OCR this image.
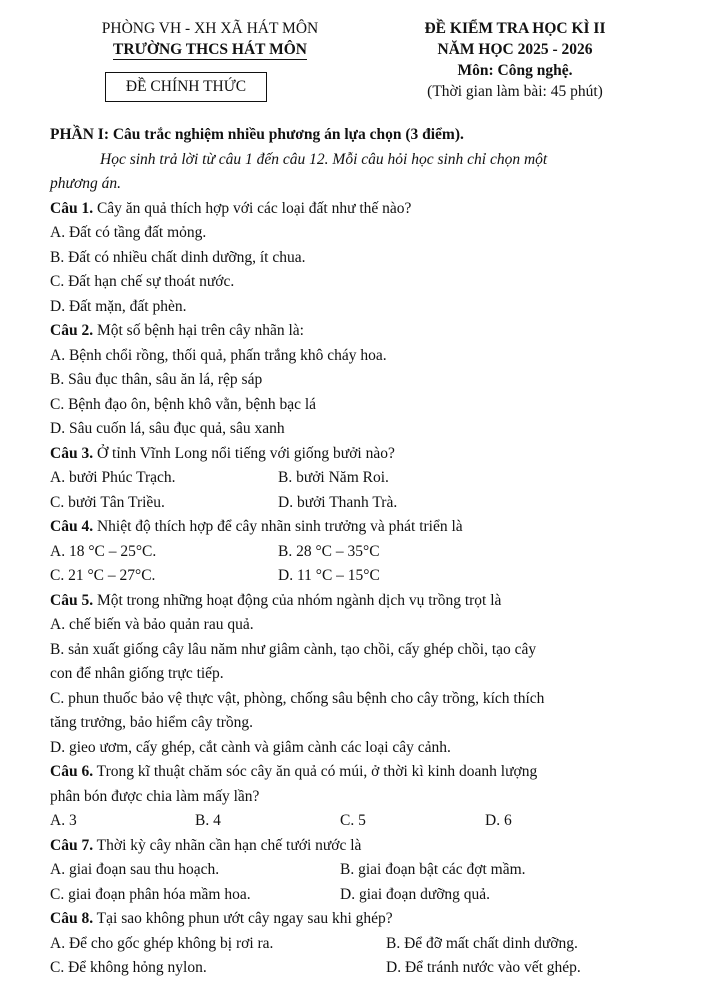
PHÒNG VH - XH XÃ HÁT MÔN
TRƯỜNG THCS HÁT MÔN
ĐỀ CHÍNH THỨC
ĐỀ KIỂM TRA HỌC KÌ II
NĂM HỌC 2025 - 2026
Môn: Công nghệ.
(Thời gian làm bài: 45 phút)
PHẦN I: Câu trắc nghiệm nhiều phương án lựa chọn (3 điểm).
Học sinh trả lời từ câu 1 đến câu 12. Mỗi câu hỏi học sinh chỉ chọn một
phương án.
Câu 1. Cây ăn quả thích hợp với các loại đất như thế nào?
A. Đất có tầng đất mỏng.
B. Đất có nhiều chất dinh dưỡng, ít chua.
C. Đất hạn chế sự thoát nước.
D. Đất mặn, đất phèn.
Câu 2. Một số bệnh hại trên cây nhãn là:
A. Bệnh chổi rồng, thối quả, phấn trắng khô cháy hoa.
B. Sâu đục thân, sâu ăn lá, rệp sáp
C. Bệnh đạo ôn, bệnh khô vằn, bệnh bạc lá
D. Sâu cuốn lá, sâu đục quả, sâu xanh
Câu 3. Ở tỉnh Vĩnh Long nổi tiếng với giống bưởi nào?
A. bưởi Phúc Trạch.	B. bưởi Năm Roi.
C. bưởi Tân Triều.	D. bưởi Thanh Trà.
Câu 4. Nhiệt độ thích hợp để cây nhãn sinh trưởng và phát triển là
A. 18 °C – 25°C.	B. 28 °C – 35°C
C. 21 °C – 27°C.	D. 11 °C – 15°C
Câu 5. Một trong những hoạt động của nhóm ngành dịch vụ trồng trọt là
A. chế biến và bảo quản rau quả.
B. sản xuất giống cây lâu năm như giâm cành, tạo chồi, cấy ghép chồi, tạo cây
con để nhân giống trực tiếp.
C. phun thuốc bảo vệ thực vật, phòng, chống sâu bệnh cho cây trồng, kích thích
tăng trưởng, bảo hiểm cây trồng.
D. gieo ươm, cấy ghép, cắt cành và giâm cành các loại cây cảnh.
Câu 6. Trong kĩ thuật chăm sóc cây ăn quả có múi, ở thời kì kinh doanh lượng
phân bón được chia làm mấy lần?
A. 3	B. 4	C. 5	D. 6
Câu 7. Thời kỳ cây nhãn cần hạn chế tưới nước là
A. giai đoạn sau thu hoạch.	B. giai đoạn bật các đợt mầm.
C. giai đoạn phân hóa mầm hoa.	D. giai đoạn dưỡng quả.
Câu 8. Tại sao không phun ướt cây ngay sau khi ghép?
A. Để cho gốc ghép không bị rơi ra.	B. Để đỡ mất chất dinh dưỡng.
C. Để không hỏng nylon.	D. Để tránh nước vào vết ghép.
